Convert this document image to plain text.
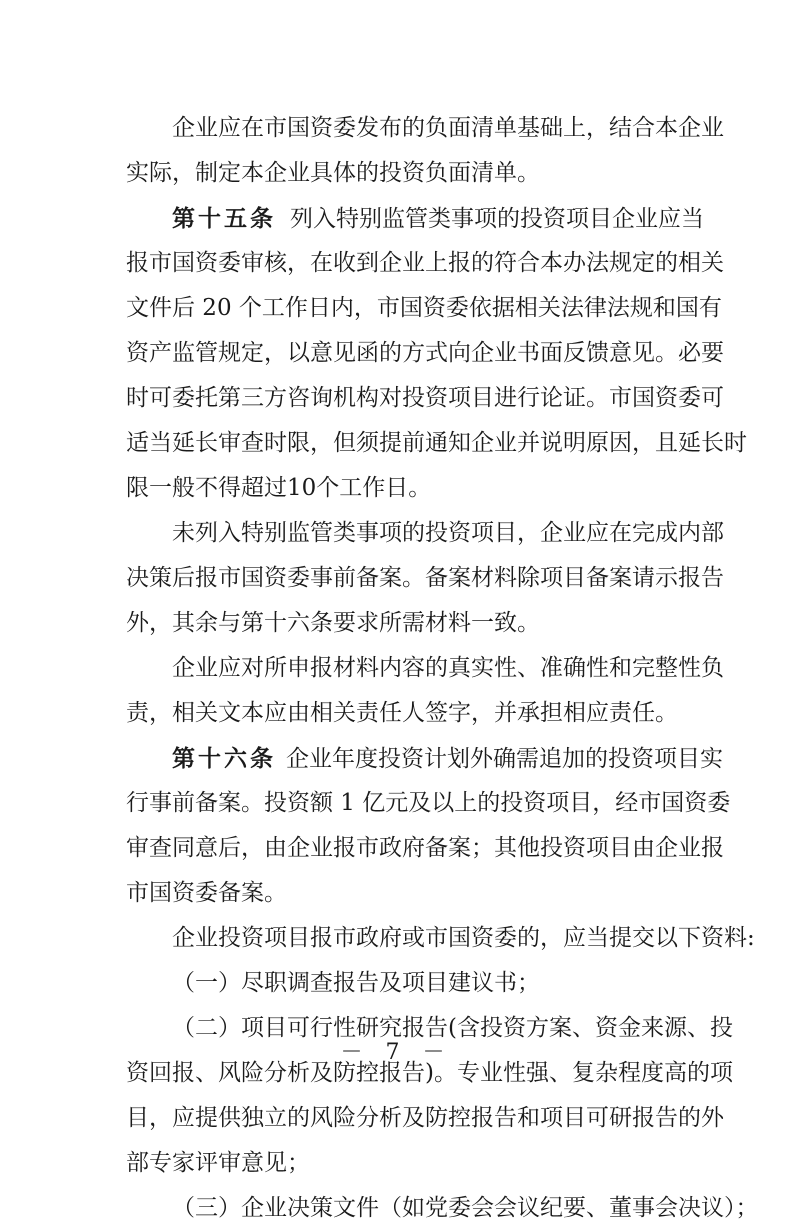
企业应在市国资委发布的负面清单基础上，结合本企业
实际，制定本企业具体的投资负面清单。
第十五条 列入特别监管类事项的投资项目企业应当
报市国资委审核，在收到企业上报的符合本办法规定的相关
文件后 20 个工作日内，市国资委依据相关法律法规和国有
资产监管规定，以意见函的方式向企业书面反馈意见。必要
时可委托第三方咨询机构对投资项目进行论证。市国资委可
适当延长审查时限，但须提前通知企业并说明原因，且延长时
限一般不得超过10个工作日。
未列入特别监管类事项的投资项目，企业应在完成内部
决策后报市国资委事前备案。备案材料除项目备案请示报告
外，其余与第十六条要求所需材料一致。
企业应对所申报材料内容的真实性、准确性和完整性负
责，相关文本应由相关责任人签字，并承担相应责任。
第十六条 企业年度投资计划外确需追加的投资项目实
行事前备案。投资额 1 亿元及以上的投资项目，经市国资委
审查同意后，由企业报市政府备案；其他投资项目由企业报
市国资委备案。
企业投资项目报市政府或市国资委的，应当提交以下资料:
（一）尽职调查报告及项目建议书；
（二）项目可行性研究报告(含投资方案、资金来源、投
资回报、风险分析及防控报告)。专业性强、复杂程度高的项
目，应提供独立的风险分析及防控报告和项目可研报告的外
部专家评审意见；
（三）企业决策文件（如党委会会议纪要、董事会决议）；
－ 7 －
